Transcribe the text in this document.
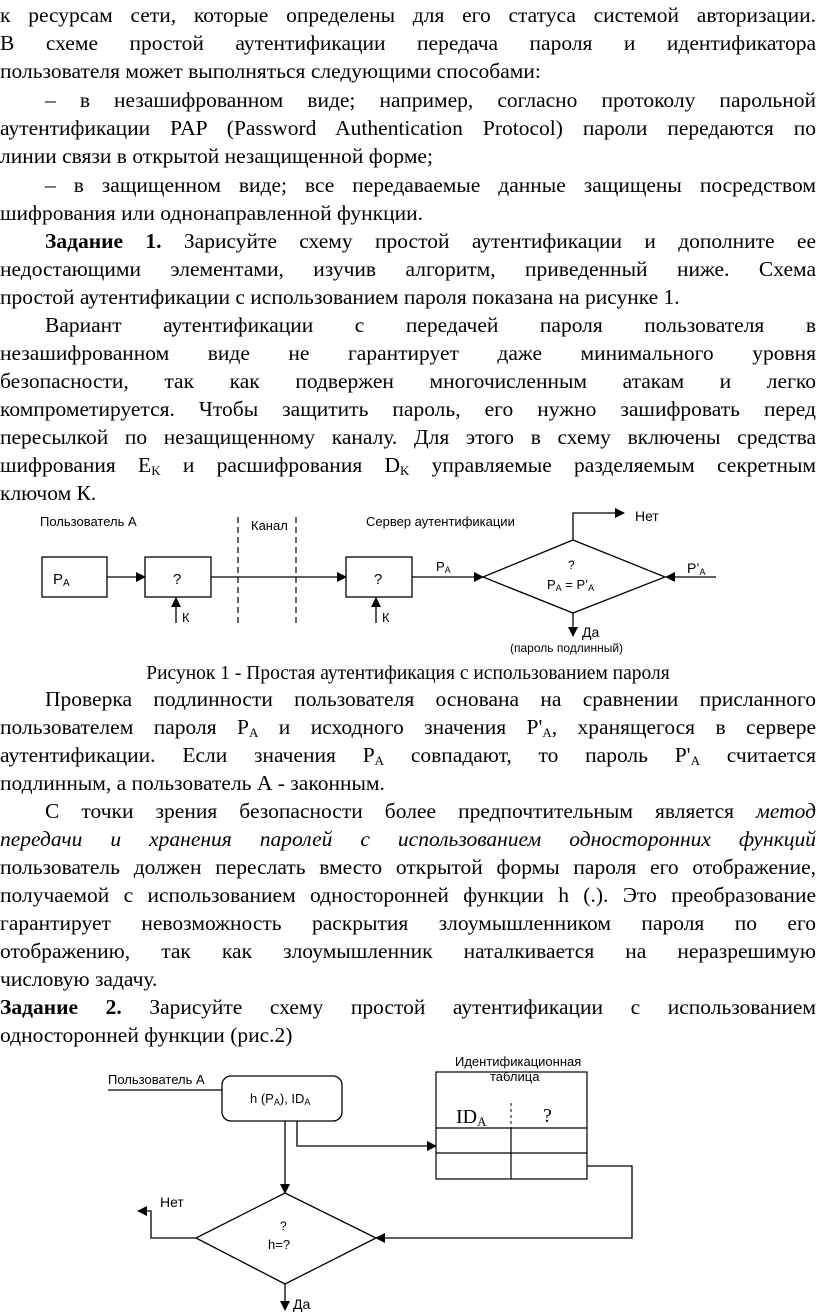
к ресурсам сети, которые определены для его статуса системой авторизации.
В схеме простой аутентификации передача пароля и идентификатора
пользователя может выполняться следующими способами:
– в незашифрованном виде; например, согласно протоколу парольной
аутентификации PAP (Password Authentication Protocol) пароли передаются по
линии связи в открытой незащищенной форме;
– в защищенном виде; все передаваемые данные защищены посредством
шифрования или однонаправленной функции.
Задание 1. Зарисуйте схему простой аутентификации и дополните ее
недостающими элементами, изучив алгоритм, приведенный ниже. Схема
простой аутентификации с использованием пароля показана на рисунке 1.
Вариант аутентификации с передачей пароля пользователя в
незашифрованном виде не гарантирует даже минимального уровня
безопасности, так как подвержен многочисленным атакам и легко
компрометируется. Чтобы защитить пароль, его нужно зашифровать перед
пересылкой по незащищенному каналу. Для этого в схему включены средства
шифрования $E_K$ и расшифрования $D_K$ управляемые разделяемым секретным
ключом К.
Пользователь А	Канал	Сервер аутентификации
PA	?
К
?
К
PA	?
PA = P’A
P’A
Нет
Да
(пароль подлинный)
Рисунок 1 - Простая аутентификация с использованием пароля
Проверка подлинности пользователя основана на сравнении присланного
пользователем пароля $P_A$ и исходного значения $P'_A$, хранящегося в сервере
аутентификации. Если значения $P_A$ совпадают, то пароль $P'_A$ считается
подлинным, а пользователь А - законным.
С точки зрения безопасности более предпочтительным является метод
передачи и хранения паролей с использованием односторонних функций
пользователь должен переслать вместо открытой формы пароля его отображение,
получаемой с использованием односторонней функции h (.). Это преобразование
гарантирует невозможность раскрытия злоумышленником пароля по его
отображению, так как злоумышленник наталкивается на неразрешимую
числовую задачу.
Задание 2. Зарисуйте схему простой аутентификации с использованием
односторонней функции (рис.2)
Пользователь А
h (PA), IDA
Идентификационная
таблица
IDA	?
?
h=?
Нет
Да
